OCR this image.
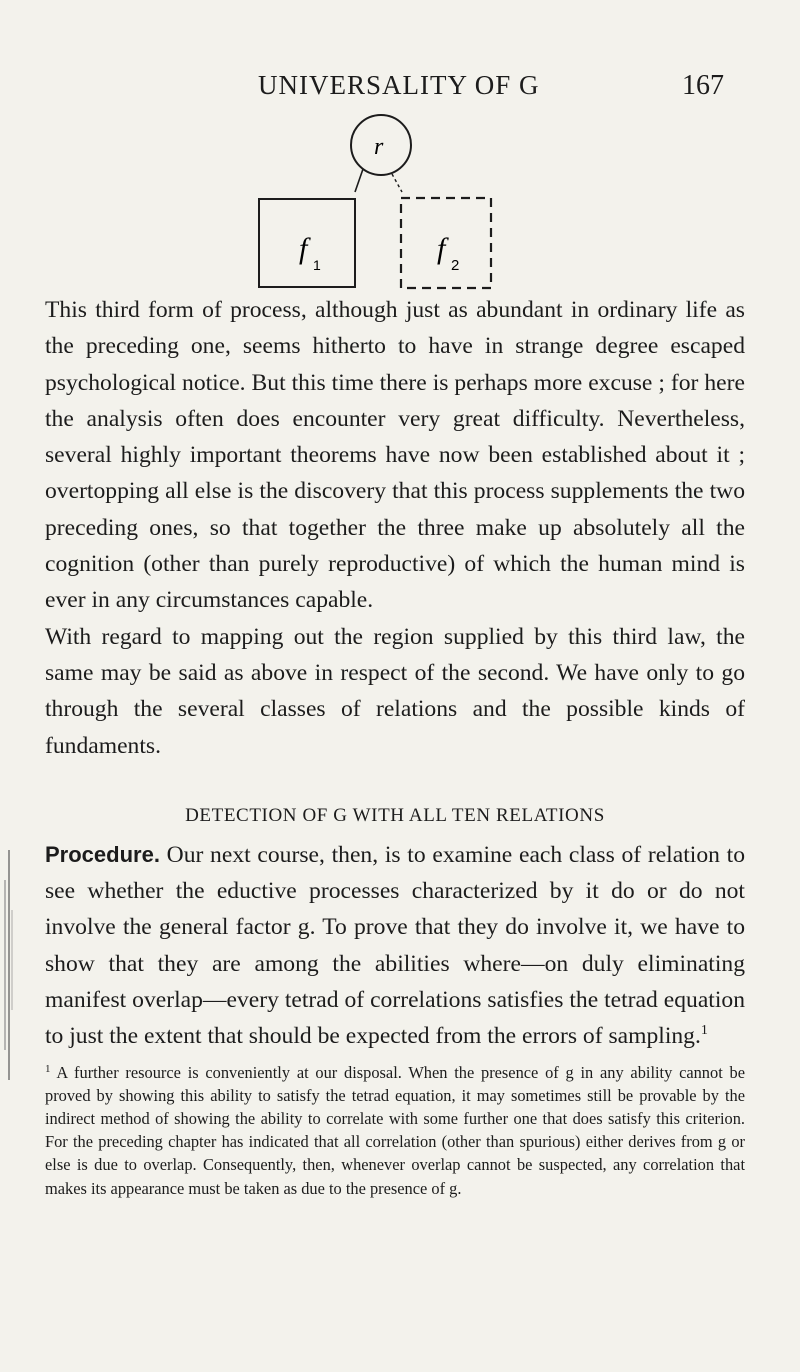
UNIVERSALITY OF G	167
r
f 1	f
2

This third form of process, although just as abundant in ordinary life as the preceding one, seems hitherto to have in strange degree escaped psychological notice. But this time there is perhaps more excuse ; for here the analysis often does encounter very great difficulty. Nevertheless, several highly important theorems have now been established about it ; overtopping all else is the discovery that this process supplements the two preceding ones, so that together the three make up absolutely all the cognition (other than purely reproductive) of which the human mind is ever in any circumstances capable.

With regard to mapping out the region supplied by this third law, the same may be said as above in respect of the second. We have only to go through the several classes of relations and the possible kinds of fundaments.

DETECTION OF G WITH ALL TEN RELATIONS

Procedure. Our next course, then, is to examine each class of relation to see whether the eductive processes characterized by it do or do not involve the general factor g. To prove that they do involve it, we have to show that they are among the abilities where—on duly eliminating manifest overlap—every tetrad of correlations satisfies the tetrad equation to just the extent that should be expected from the errors of sampling.$^1$

$^1$ A further resource is conveniently at our disposal. When the presence of g in any ability cannot be proved by showing this ability to satisfy the tetrad equation, it may sometimes still be provable by the indirect method of showing the ability to correlate with some further one that does satisfy this criterion. For the preceding chapter has indicated that all correlation (other than spurious) either derives from g or else is due to overlap. Consequently, then, whenever overlap cannot be suspected, any correlation that makes its appearance must be taken as due to the presence of g.
